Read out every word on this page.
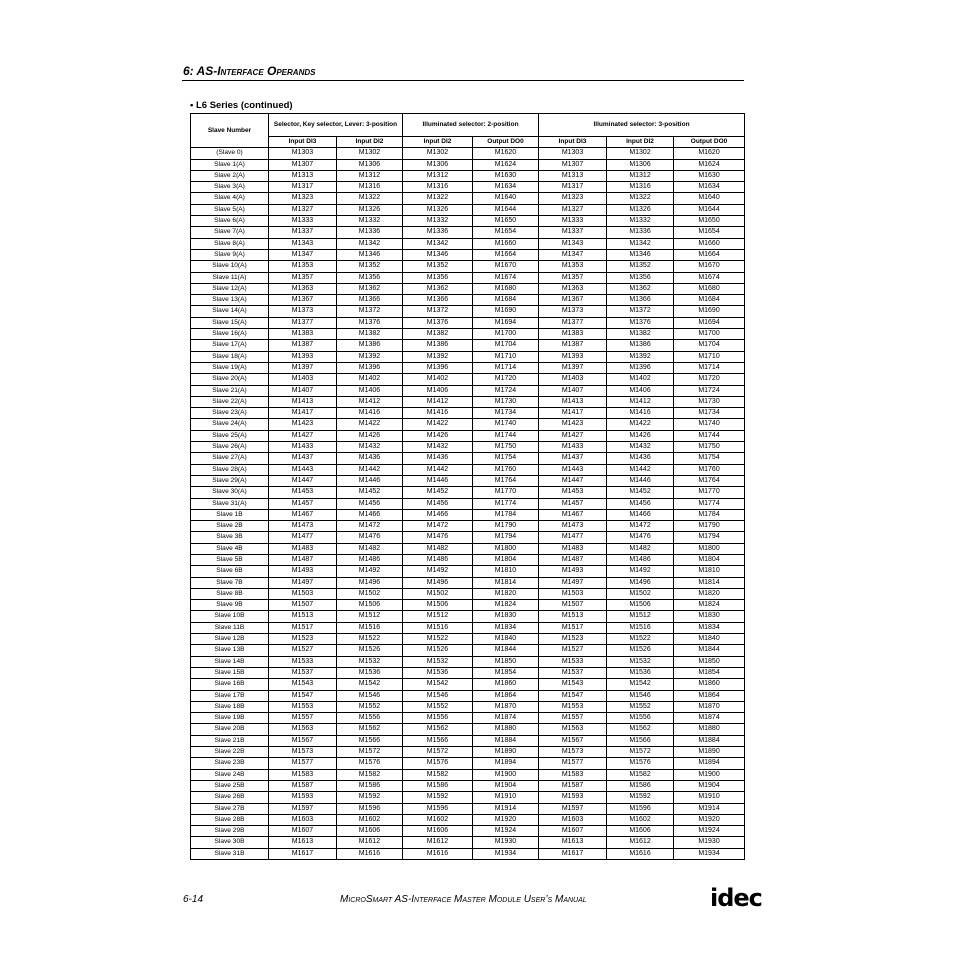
6: AS-Interface Operands
• L6 Series (continued)
Slave Number	Selector, Key selector, Lever: 3-position		Illuminated selector: 2-position		Illuminated selector: 3-position		
	Input DI3	Input DI2	Input DI2	Output DO0	Input DI3	Input DI2	Output DO0
(Slave 0)	M1303	M1302	M1302	M1620	M1303	M1302	M1620
Slave 1(A)	M1307	M1306	M1306	M1624	M1307	M1306	M1624
Slave 2(A)	M1313	M1312	M1312	M1630	M1313	M1312	M1630
Slave 3(A)	M1317	M1316	M1316	M1634	M1317	M1316	M1634
Slave 4(A)	M1323	M1322	M1322	M1640	M1323	M1322	M1640
Slave 5(A)	M1327	M1326	M1326	M1644	M1327	M1326	M1644
Slave 6(A)	M1333	M1332	M1332	M1650	M1333	M1332	M1650
Slave 7(A)	M1337	M1336	M1336	M1654	M1337	M1336	M1654
Slave 8(A)	M1343	M1342	M1342	M1660	M1343	M1342	M1660
Slave 9(A)	M1347	M1346	M1346	M1664	M1347	M1346	M1664
Slave 10(A)	M1353	M1352	M1352	M1670	M1353	M1352	M1670
Slave 11(A)	M1357	M1356	M1356	M1674	M1357	M1356	M1674
Slave 12(A)	M1363	M1362	M1362	M1680	M1363	M1362	M1680
Slave 13(A)	M1367	M1366	M1366	M1684	M1367	M1366	M1684
Slave 14(A)	M1373	M1372	M1372	M1690	M1373	M1372	M1690
Slave 15(A)	M1377	M1376	M1376	M1694	M1377	M1376	M1694
Slave 16(A)	M1383	M1382	M1382	M1700	M1383	M1382	M1700
Slave 17(A)	M1387	M1386	M1386	M1704	M1387	M1386	M1704
Slave 18(A)	M1393	M1392	M1392	M1710	M1393	M1392	M1710
Slave 19(A)	M1397	M1396	M1396	M1714	M1397	M1396	M1714
Slave 20(A)	M1403	M1402	M1402	M1720	M1403	M1402	M1720
Slave 21(A)	M1407	M1406	M1406	M1724	M1407	M1406	M1724
Slave 22(A)	M1413	M1412	M1412	M1730	M1413	M1412	M1730
Slave 23(A)	M1417	M1416	M1416	M1734	M1417	M1416	M1734
Slave 24(A)	M1423	M1422	M1422	M1740	M1423	M1422	M1740
Slave 25(A)	M1427	M1426	M1426	M1744	M1427	M1426	M1744
Slave 26(A)	M1433	M1432	M1432	M1750	M1433	M1432	M1750
Slave 27(A)	M1437	M1436	M1436	M1754	M1437	M1436	M1754
Slave 28(A)	M1443	M1442	M1442	M1760	M1443	M1442	M1760
Slave 29(A)	M1447	M1446	M1446	M1764	M1447	M1446	M1764
Slave 30(A)	M1453	M1452	M1452	M1770	M1453	M1452	M1770
Slave 31(A)	M1457	M1456	M1456	M1774	M1457	M1456	M1774
Slave 1B	M1467	M1466	M1466	M1784	M1467	M1466	M1784
Slave 2B	M1473	M1472	M1472	M1790	M1473	M1472	M1790
Slave 3B	M1477	M1476	M1476	M1794	M1477	M1476	M1794
Slave 4B	M1483	M1482	M1482	M1800	M1483	M1482	M1800
Slave 5B	M1487	M1486	M1486	M1804	M1487	M1486	M1804
Slave 6B	M1493	M1492	M1492	M1810	M1493	M1492	M1810
Slave 7B	M1497	M1496	M1496	M1814	M1497	M1496	M1814
Slave 8B	M1503	M1502	M1502	M1820	M1503	M1502	M1820
Slave 9B	M1507	M1506	M1506	M1824	M1507	M1506	M1824
Slave 10B	M1513	M1512	M1512	M1830	M1513	M1512	M1830
Slave 11B	M1517	M1516	M1516	M1834	M1517	M1516	M1834
Slave 12B	M1523	M1522	M1522	M1840	M1523	M1522	M1840
Slave 13B	M1527	M1526	M1526	M1844	M1527	M1526	M1844
Slave 14B	M1533	M1532	M1532	M1850	M1533	M1532	M1850
Slave 15B	M1537	M1536	M1536	M1854	M1537	M1536	M1854
Slave 16B	M1543	M1542	M1542	M1860	M1543	M1542	M1860
Slave 17B	M1547	M1546	M1546	M1864	M1547	M1546	M1864
Slave 18B	M1553	M1552	M1552	M1870	M1553	M1552	M1870
Slave 19B	M1557	M1556	M1556	M1874	M1557	M1556	M1874
Slave 20B	M1563	M1562	M1562	M1880	M1563	M1562	M1880
Slave 21B	M1567	M1566	M1566	M1884	M1567	M1566	M1884
Slave 22B	M1573	M1572	M1572	M1890	M1573	M1572	M1890
Slave 23B	M1577	M1576	M1576	M1894	M1577	M1576	M1894
Slave 24B	M1583	M1582	M1582	M1900	M1583	M1582	M1900
Slave 25B	M1587	M1586	M1586	M1904	M1587	M1586	M1904
Slave 26B	M1593	M1592	M1592	M1910	M1593	M1592	M1910
Slave 27B	M1597	M1596	M1596	M1914	M1597	M1596	M1914
Slave 28B	M1603	M1602	M1602	M1920	M1603	M1602	M1920
Slave 29B	M1607	M1606	M1606	M1924	M1607	M1606	M1924
Slave 30B	M1613	M1612	M1612	M1930	M1613	M1612	M1930
Slave 31B	M1617	M1616	M1616	M1934	M1617	M1616	M1934
6-14	MicroSmart AS-Interface Master Module User’s Manual	idec
